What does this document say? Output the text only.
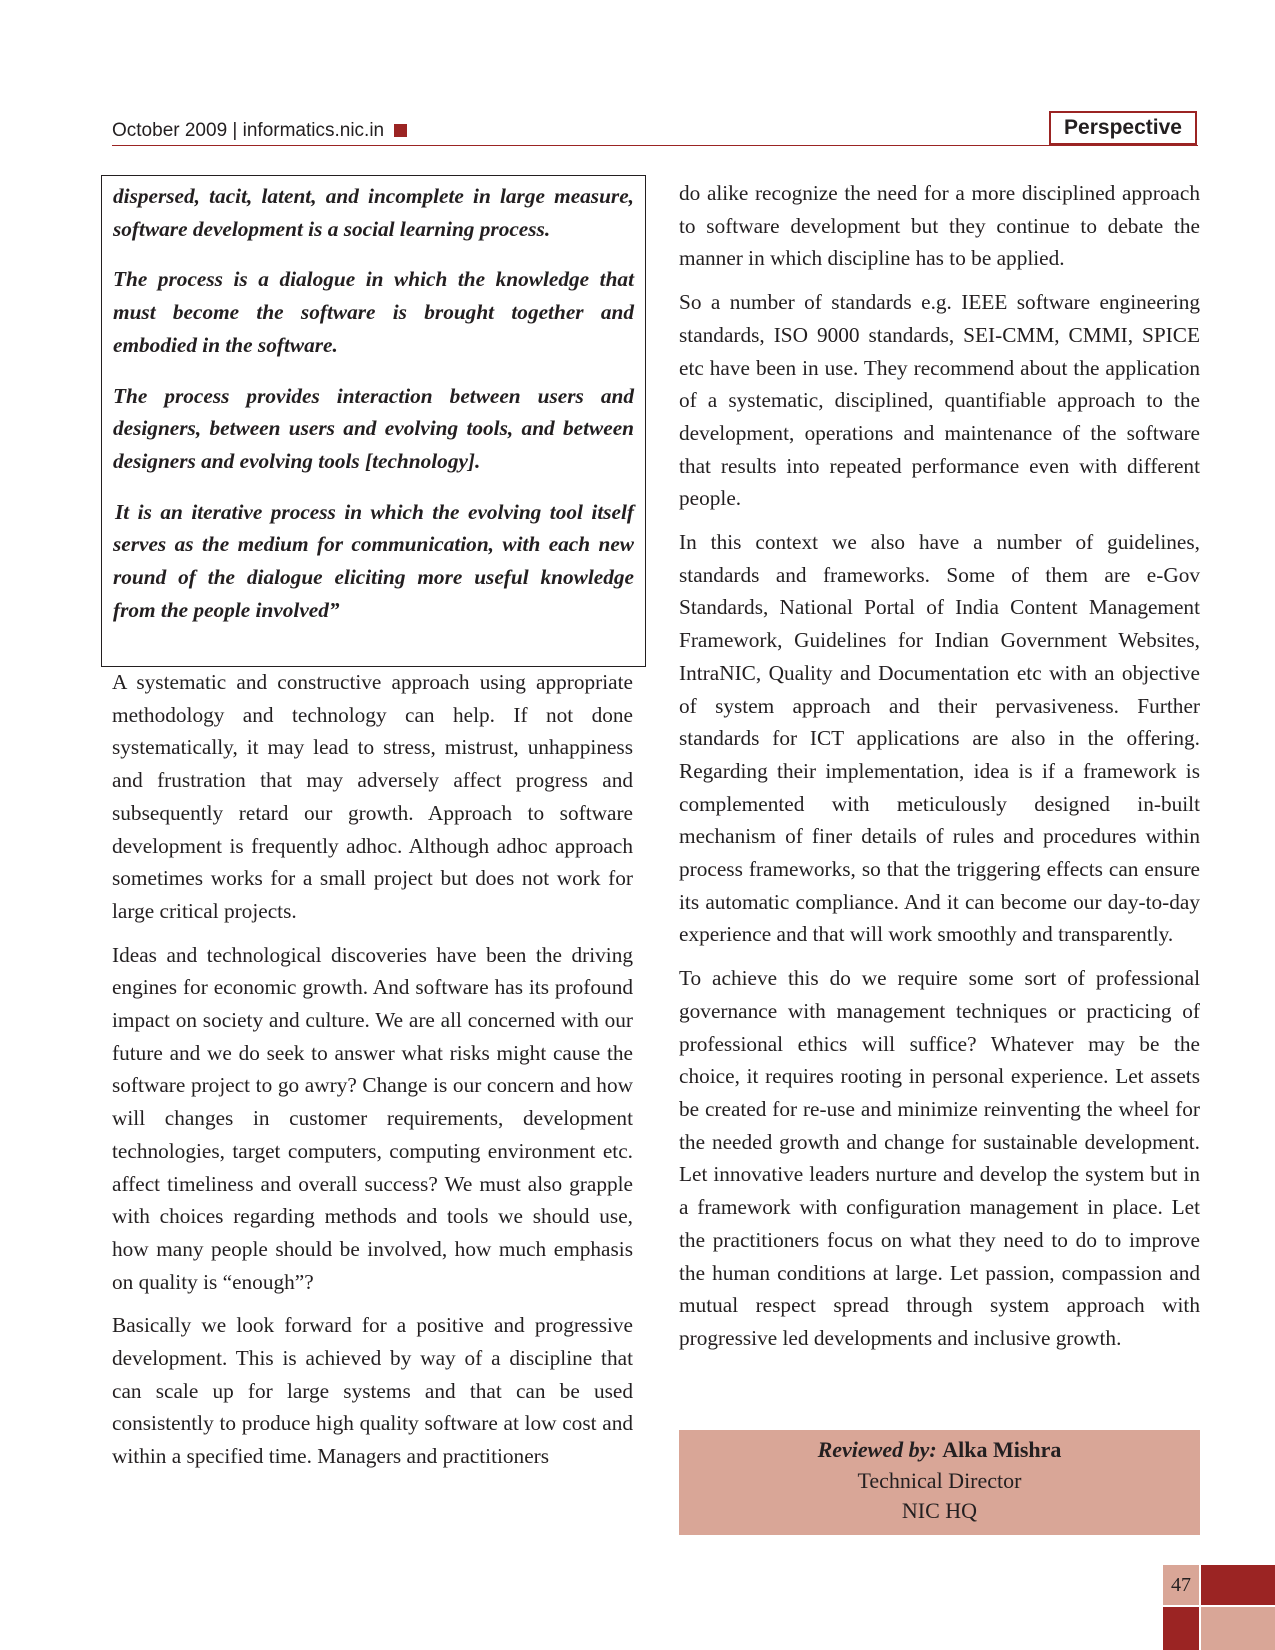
October 2009 | informatics.nic.in	Perspective

dispersed, tacit, latent, and incomplete in large measure, software development is a social learning process.

The process is a dialogue in which the knowledge that must become the software is brought together and embodied in the software.

The process provides interaction between users and designers, between users and evolving tools, and between designers and evolving tools [technology].

It is an iterative process in which the evolving tool itself serves as the medium for communication, with each new round of the dialogue eliciting more useful knowledge from the people involved”

A systematic and constructive approach using appropriate methodology and technology can help. If not done systematically, it may lead to stress, mistrust, unhappiness and frustration that may adversely affect progress and subsequently retard our growth. Approach to software development is frequently adhoc. Although adhoc approach sometimes works for a small project but does not work for large critical projects.

Ideas and technological discoveries have been the driving engines for economic growth. And software has its profound impact on society and culture. We are all concerned with our future and we do seek to answer what risks might cause the software project to go awry? Change is our concern and how will changes in customer requirements, development technologies, target computers, computing environment etc. affect timeliness and overall success? We must also grapple with choices regarding methods and tools we should use, how many people should be involved, how much emphasis on quality is “enough”?

Basically we look forward for a positive and progressive development. This is achieved by way of a discipline that can scale up for large systems and that can be used consistently to produce high quality software at low cost and within a specified time. Managers and practitioners

do alike recognize the need for a more disciplined approach to software development but they continue to debate the manner in which discipline has to be applied.

So a number of standards e.g. IEEE software engineering standards, ISO 9000 standards, SEI-CMM, CMMI, SPICE etc have been in use. They recommend about the application of a systematic, disciplined, quantifiable approach to the development, operations and maintenance of the software that results into repeated performance even with different people.

In this context we also have a number of guidelines, standards and frameworks. Some of them are e-Gov Standards, National Portal of India Content Management Framework, Guidelines for Indian Government Websites, IntraNIC, Quality and Documentation etc with an objective of system approach and their pervasiveness. Further standards for ICT applications are also in the offering. Regarding their implementation, idea is if a framework is complemented with meticulously designed in-built mechanism of finer details of rules and procedures within process frameworks, so that the triggering effects can ensure its automatic compliance. And it can become our day-to-day experience and that will work smoothly and transparently.

To achieve this do we require some sort of professional governance with management techniques or practicing of professional ethics will suffice? Whatever may be the choice, it requires rooting in personal experience. Let assets be created for re-use and minimize reinventing the wheel for the needed growth and change for sustainable development. Let innovative leaders nurture and develop the system but in a framework with configuration management in place. Let the practitioners focus on what they need to do to improve the human conditions at large. Let passion, compassion and mutual respect spread through system approach with progressive led developments and inclusive growth.

Reviewed by: Alka Mishra
Technical Director
NIC HQ
47
